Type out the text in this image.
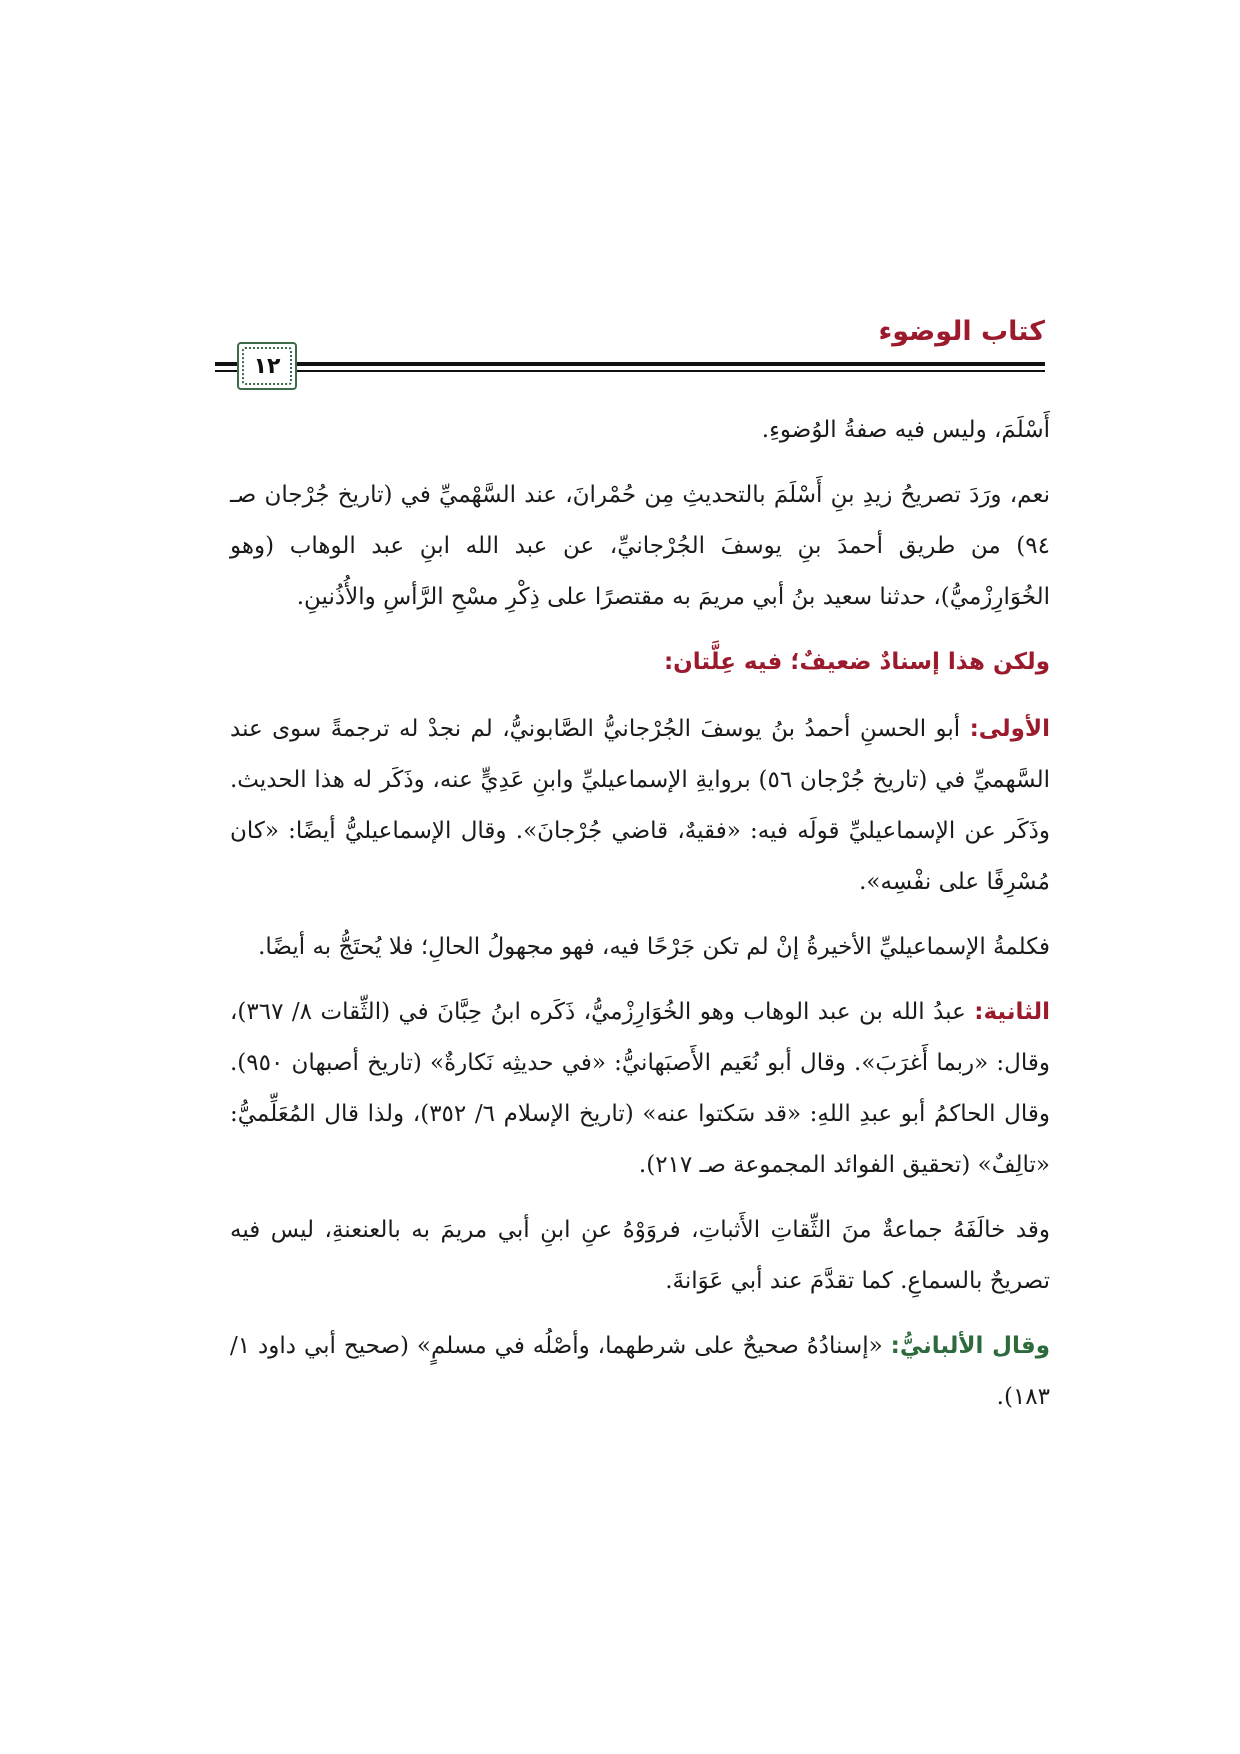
كتاب الوضوء
١٢

أَسْلَمَ، وليس فيه صفةُ الوُضوءِ.

نعم، ورَدَ تصريحُ زيدِ بنِ أَسْلَمَ بالتحديثِ مِن حُمْرانَ، عند السَّهْميِّ في (تاريخ جُرْجان صـ ٩٤) من طريق أحمدَ بنِ يوسفَ الجُرْجانيِّ، عن عبد الله ابنِ عبد الوهاب (وهو الخُوَارِزْميُّ)، حدثنا سعيد بنُ أبي مريمَ به مقتصرًا على ذِكْرِ مسْحِ الرَّأسِ والأُذُنينِ.

ولكن هذا إسنادٌ ضعيفٌ؛ فيه عِلَّتان:

الأولى: أبو الحسنِ أحمدُ بنُ يوسفَ الجُرْجانيُّ الصَّابونيُّ، لم نجدْ له ترجمةً سوى عند السَّهميِّ في (تاريخ جُرْجان ٥٦) بروايةِ الإسماعيليِّ وابنِ عَدِيٍّ عنه، وذَكَر له هذا الحديث. وذَكَر عن الإسماعيليِّ قولَه فيه: «فقيهٌ، قاضي جُرْجانَ». وقال الإسماعيليُّ أيضًا: «كان مُسْرِفًا على نفْسِه».

فكلمةُ الإسماعيليِّ الأخيرةُ إنْ لم تكن جَرْحًا فيه، فهو مجهولُ الحالِ؛ فلا يُحتَجُّ به أيضًا.

الثانية: عبدُ الله بن عبد الوهاب وهو الخُوَارِزْميُّ، ذَكَره ابنُ حِبَّانَ في (الثِّقات ٨/ ٣٦٧)، وقال: «ربما أَغرَبَ». وقال أبو نُعَيم الأَصبَهانيُّ: «في حديثِه نَكارةٌ» (تاريخ أصبهان ٩٥٠). وقال الحاكمُ أبو عبدِ اللهِ: «قد سَكتوا عنه» (تاريخ الإسلام ٦/ ٣٥٢)، ولذا قال المُعَلِّميُّ: «تالِفٌ» (تحقيق الفوائد المجموعة صـ ٢١٧).

وقد خالَفَهُ جماعةٌ منَ الثِّقاتِ الأَثباتِ، فروَوْهُ عنِ ابنِ أبي مريمَ به بالعنعنةِ، ليس فيه تصريحٌ بالسماعِ. كما تقدَّمَ عند أبي عَوَانةَ.

وقال الألبانيُّ: «إسنادُهُ صحيحٌ على شرطهما، وأصْلُه في مسلمٍ» (صحيح أبي داود ١/ ١٨٣).
